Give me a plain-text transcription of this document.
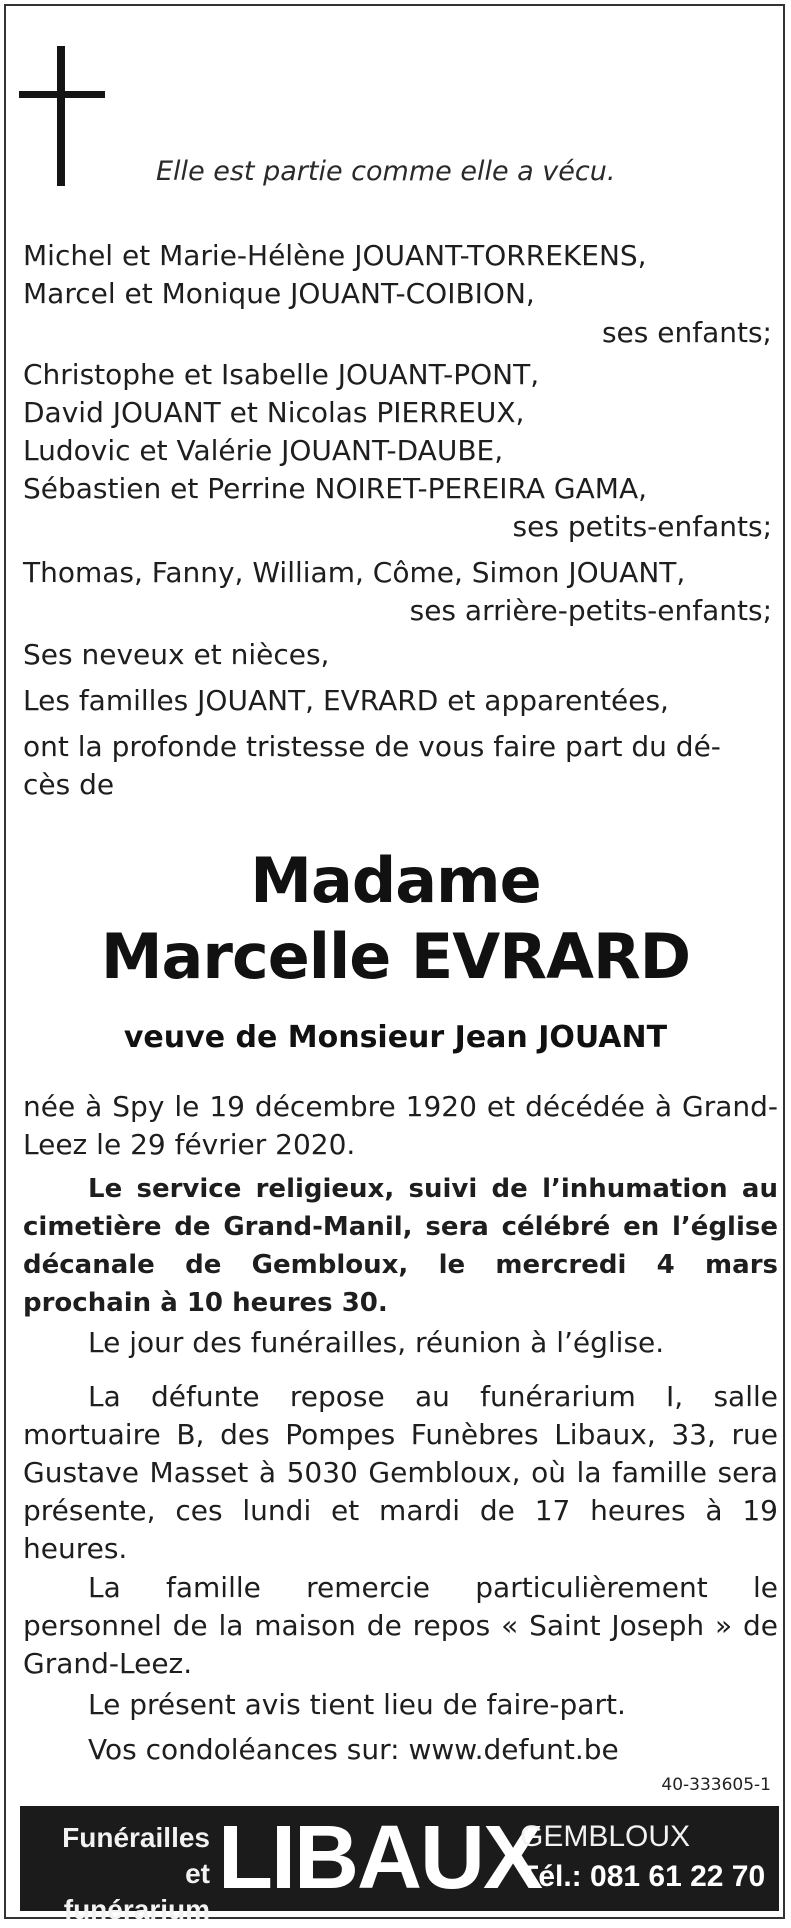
Elle est partie comme elle a vécu.
Michel et Marie-Hélène JOUANT-TORREKENS,
Marcel et Monique JOUANT-COIBION,
ses enfants;
Christophe et Isabelle JOUANT-PONT,
David JOUANT et Nicolas PIERREUX,
Ludovic et Valérie JOUANT-DAUBE,
Sébastien et Perrine NOIRET-PEREIRA GAMA,
ses petits-enfants;
Thomas, Fanny, William, Côme, Simon JOUANT,
ses arrière-petits-enfants;
Ses neveux et nièces,
Les familles JOUANT, EVRARD et apparentées,
ont la profonde tristesse de vous faire part du dé-
cès de
Madame
Marcelle EVRARD
veuve de Monsieur Jean JOUANT
née à Spy le 19 décembre 1920 et décédée à Grand-Leez le 29 février 2020.
Le service religieux, suivi de l’inhumation au cimetière de Grand-Manil, sera célébré en l’église décanale de Gembloux, le mercredi 4 mars prochain à 10 heures 30.
Le jour des funérailles, réunion à l’église.
La défunte repose au funérarium I, salle mortuaire B, des Pompes Funèbres Libaux, 33, rue Gustave Masset à 5030 Gembloux, où la famille sera présente, ces lundi et mardi de 17 heures à 19 heures.
La famille remercie particulièrement le personnel de la maison de repos « Saint Joseph » de Grand-Leez.
Le présent avis tient lieu de faire-part.
Vos condoléances sur: www.defunt.be
40-333605-1
Funérailles
et funérarium
LIBAUX
GEMBLOUX
Tél.: 081 61 22 70
